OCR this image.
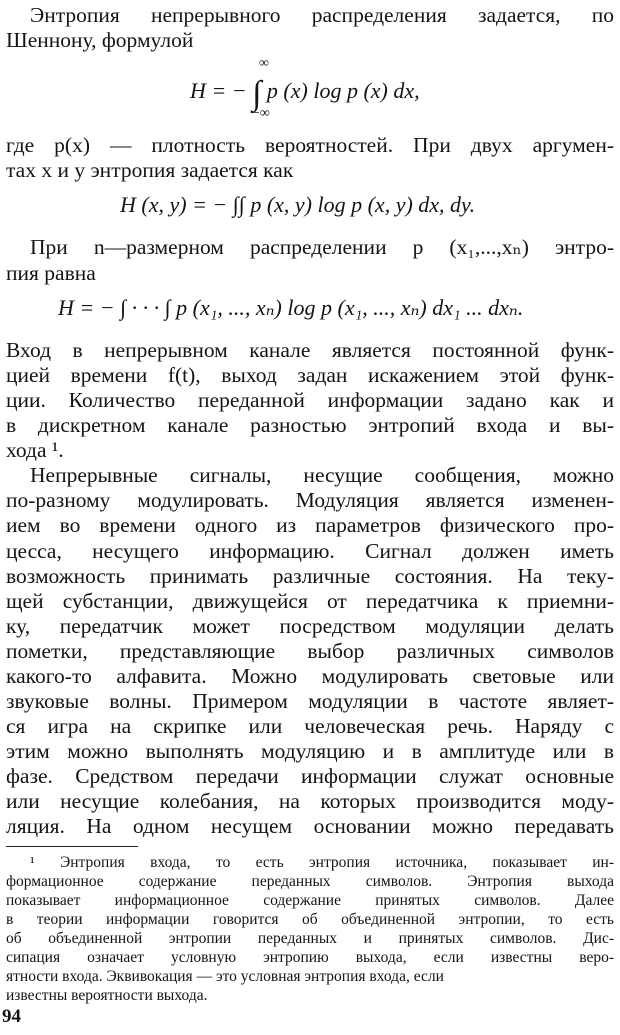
Энтропия непрерывного распределения задается, по
Шеннону, формулой
H = − ∫ p (x) log p (x) dx,
∞
−∞
где p(x) — плотность вероятностей. При двух аргумен-
тах x и y энтропия задается как
H (x, y) = − ∫∫ p (x, y) log p (x, y) dx, dy.
При n—размерном распределении p (x₁,...,xₙ) энтро-
пия равна
H = − ∫ · · · ∫ p (x₁, ..., xₙ) log p (x₁, ..., xₙ) dx₁ ... dxₙ.
Вход в непрерывном канале является постоянной функ-
цией времени f(t), выход задан искажением этой функ-
ции. Количество переданной информации задано как и
в дискретном канале разностью энтропий входа и вы-
хода ¹.
Непрерывные сигналы, несущие сообщения, можно
по-разному модулировать. Модуляция является изменен-
ием во времени одного из параметров физического про-
цесса, несущего информацию. Сигнал должен иметь
возможность принимать различные состояния. На теку-
щей субстанции, движущейся от передатчика к приемни-
ку, передатчик может посредством модуляции делать
пометки, представляющие выбор различных символов
какого-то алфавита. Можно модулировать световые или
звуковые волны. Примером модуляции в частоте являет-
ся игра на скрипке или человеческая речь. Наряду с
этим можно выполнять модуляцию и в амплитуде или в
фазе. Средством передачи информации служат основные
или несущие колебания, на которых производится моду-
ляция. На одном несущем основании можно передавать
¹ Энтропия входа, то есть энтропия источника, показывает ин-
формационное содержание переданных символов. Энтропия выхода
показывает информационное содержание принятых символов. Далее
в теории информации говорится об объединенной энтропии, то есть
об объединенной энтропии переданных и принятых символов. Дис-
сипация означает условную энтропию выхода, если известны веро-
94
ятности входа. Эквивокация — это условная энтропия входа, если
известны вероятности выхода.
